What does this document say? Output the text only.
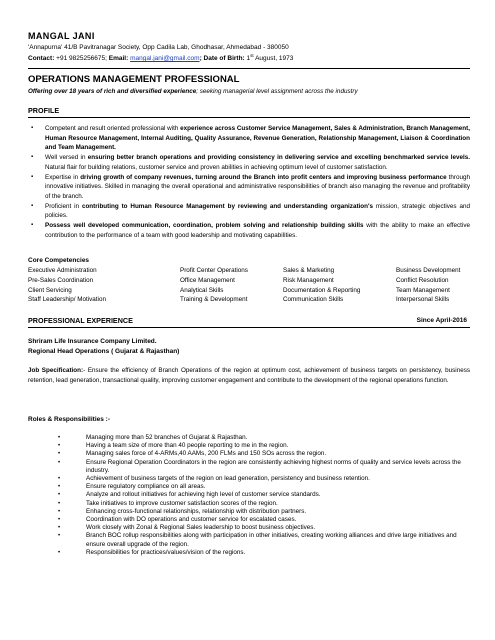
MANGAL JANI
'Annapurna' 41/B Pavitranagar Society, Opp Cadila Lab, Ghodhasar, Ahmedabad - 380050
Contact: +91 9825256675; Email: mangal.jani@gmail.com; Date of Birth: 1st August, 1973
OPERATIONS MANAGEMENT PROFESSIONAL
Offering over 18 years of rich and diversified experience; seeking managerial level assignment across the industry
PROFILE
▪ Competent and result oriented professional with experience across Customer Service Management, Sales & Administration, Branch Management, Human Resource Management, Internal Auditing, Quality Assurance, Revenue Generation, Relationship Management, Liaison & Coordination and Team Management.
▪ Well versed in ensuring better branch operations and providing consistency in delivering service and excelling benchmarked service levels. Natural flair for building relations, customer service and proven abilities in achieving optimum level of customer satisfaction.
▪ Expertise in driving growth of company revenues, turning around the Branch into profit centers and improving business performance through innovative initiatives. Skilled in managing the overall operational and administrative responsibilities of branch also managing the revenue and profitability of the branch.
▪ Proficient in contributing to Human Resource Management by reviewing and understanding organization's mission, strategic objectives and policies.
▪ Possess well developed communication, coordination, problem solving and relationship building skills with the ability to make an effective contribution to the performance of a team with good leadership and motivating capabilities.
Core Competencies
Executive Administration	Profit Center Operations	Sales & Marketing	Business Development
Pre-Sales Coordination	Office Management	Risk Management	Conflict Resolution
Client Servicing	Analytical Skills	Documentation & Reporting	Team Management
Staff Leadership/ Motivation	Training & Development	Communication Skills	Interpersonal Skills
PROFESSIONAL EXPERIENCE	Since April-2016
Shriram Life Insurance Company Limited.
Regional Head Operations ( Gujarat & Rajasthan)
Job Specification:- Ensure the efficiency of Branch Operations of the region at optimum cost, achievement of business targets on persistency, business retention, lead generation, transactional quality, improving customer engagement and contribute to the development of the regional operations function.
Roles & Responsibilities :-
•	Managing more than 52 branches of Gujarat & Rajasthan.
•	Having a team size of more than 40 people reporting to me in the region.
•	Managing sales force of 4-ARMs,40 AAMs, 200 FLMs and 150 SOs across the region.
•	Ensure Regional Operation Coordinators in the region are consistently achieving highest norms of quality and service levels across the industry.
•	Achievement of business targets of the region on lead generation, persistency and business retention.
•	Ensure regulatory compliance on all areas.
•	Analyze and rollout initiatives for achieving high level of customer service standards.
•	Take initiatives to improve customer satisfaction scores of the region.
•	Enhancing cross-functional relationships, relationship with distribution partners.
•	Coordination with DO operations and customer service for escalated cases.
•	Work closely with Zonal & Regional Sales leadership to boost business objectives.
•	Branch BOC rollup responsibilities along with participation in other initiatives, creating working alliances and drive large initiatives and ensure overall upgrade of the region.
•	Responsibilities for practices/values/vision of the regions.
